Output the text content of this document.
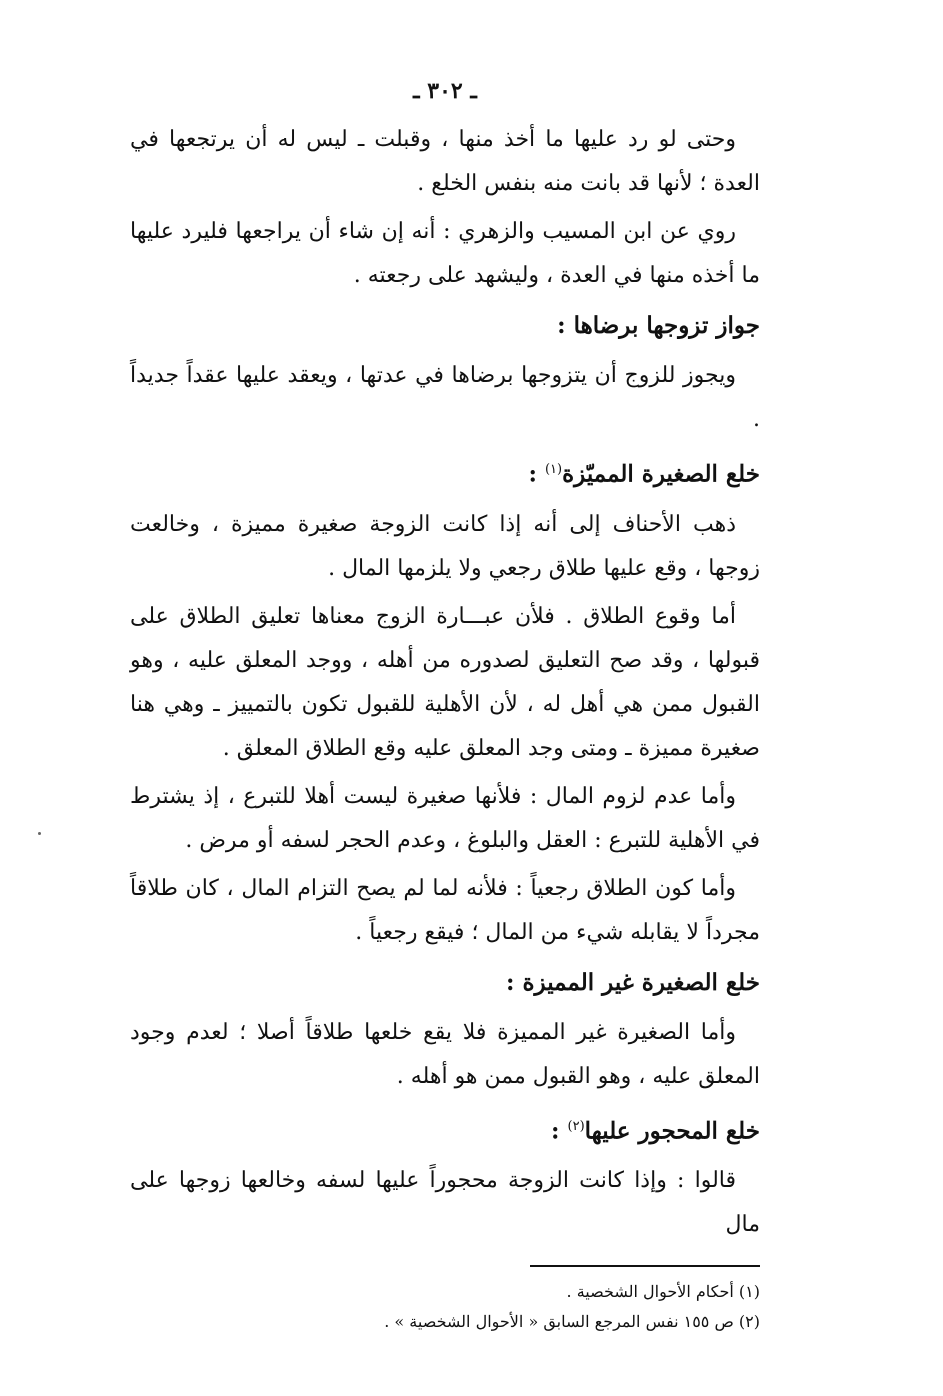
ـ ٣٠٢ ـ

وحتى لو رد عليها ما أخذ منها ، وقبلت ـ ليس له أن يرتجعها في العدة ؛ لأنها قد بانت منه بنفس الخلع .

روي عن ابن المسيب والزهري : أنه إن شاء أن يراجعها فليرد عليها ما أخذه منها في العدة ، وليشهد على رجعته .

جواز تزوجها برضاها :

ويجوز للزوج أن يتزوجها برضاها في عدتها ، ويعقد عليها عقداً جديداً .

خلع الصغيرة المميّزة$^{(١)}$ :

ذهب الأحناف إلى أنه إذا كانت الزوجة صغيرة مميزة ، وخالعت زوجها ، وقع عليها طلاق رجعي ولا يلزمها المال .

أما وقوع الطلاق . فلأن عبـــارة الزوج معناها تعليق الطلاق على قبولها ، وقد صح التعليق لصدوره من أهله ، ووجد المعلق عليه ، وهو القبول ممن هي أهل له ، لأن الأهلية للقبول تكون بالتمييز ـ وهي هنا صغيرة مميزة ـ ومتى وجد المعلق عليه وقع الطلاق المعلق .

وأما عدم لزوم المال : فلأنها صغيرة ليست أهلا للتبرع ، إذ يشترط في الأهلية للتبرع : العقل والبلوغ ، وعدم الحجر لسفه أو مرض .

وأما كون الطلاق رجعياً : فلأنه لما لم يصح التزام المال ، كان طلاقاً مجرداً لا يقابله شيء من المال ؛ فيقع رجعياً .

خلع الصغيرة غير المميزة :

وأما الصغيرة غير المميزة فلا يقع خلعها طلاقاً أصلا ؛ لعدم وجود المعلق عليه ، وهو القبول ممن هو أهله .

خلع المحجور عليها$^{(٢)}$ :

قالوا : وإذا كانت الزوجة محجوراً عليها لسفه وخالعها زوجها على مال

(١) أحكام الأحوال الشخصية .

(٢) ص ١٥٥ نفس المرجع السابق « الأحوال الشخصية » .
